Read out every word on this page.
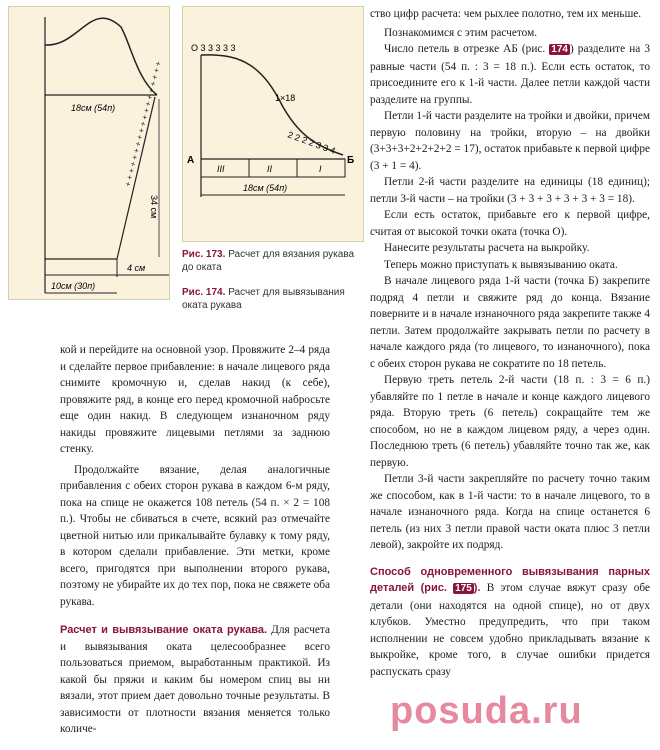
18см (54п) + + + + + + + + + + + + + + + + + + +
34 см
4 см
10см (30п)
О 3 3 3 3 3
1×18
2 2 2 2 3 3 4
А	Б
III	II	I
18см (54п)
Рис. 173. Расчет для вязания рукава до оката
Рис. 174. Расчет для вывязывания оката рукава

кой и перейдите на основной узор. Провяжите 2–4 ряда и сделайте первое прибавление: в начале лицевого ряда снимите кромочную и, сделав накид (к себе), провяжите ряд, в конце его перед кромочной набросьте еще один накид. В следующем изнаночном ряду накиды провяжите лицевыми петлями за заднюю стенку.

Продолжайте вязание, делая аналогичные прибавления с обеих сторон рукава в каждом 6-м ряду, пока на спице не окажется 108 петель (54 п. × 2 = 108 п.). Чтобы не сбиваться в счете, всякий раз отмечайте цветной нитью или прикалывайте булавку к тому ряду, в котором сделали прибавление. Эти метки, кроме всего, пригодятся при выполнении второго рукава, поэтому не убирайте их до тех пор, пока не свяжете оба рукава.

Расчет и вывязывание оката рукава. Для расчета и вывязывания оката целесообразнее всего пользоваться приемом, выработанным практикой. Из какой бы пряжи и каким бы номером спиц вы ни вязали, этот прием дает довольно точные результаты. В зависимости от плотности вязания меняется только количе-

ство цифр расчета: чем рыхлее полотно, тем их меньше.

Познакомимся с этим расчетом.

Число петель в отрезке АБ (рис. 174 ) разделите на 3 равные части (54 п. : 3 = 18 п.). Если есть остаток, то присоедините его к 1-й части. Далее петли каждой части разделите на группы.

Петли 1-й части разделите на тройки и двойки, причем первую половину на тройки, вторую – на двойки (3+3+3+2+2+2+2 = 17), остаток прибавьте к первой цифре (3 + 1 = 4).

Петли 2-й части разделите на единицы (18 единиц); петли 3-й части – на тройки (3 + 3 + 3 + 3 + 3 + 3 = 18).

Если есть остаток, прибавьте его к первой цифре, считая от высокой точки оката (точка О).

Нанесите результаты расчета на выкройку.

Теперь можно приступать к вывязыванию оката.

В начале лицевого ряда 1-й части (точка Б) закрепите подряд 4 петли и свяжите ряд до конца. Вязание поверните и в начале изнаночного ряда закрепите также 4 петли. Затем продолжайте закрывать петли по расчету в начале каждого ряда (то лицевого, то изнаночного), пока с обеих сторон рукава не сократите по 18 петель.

Первую треть петель 2-й части (18 п. : 3 = 6 п.) убавляйте по 1 петле в начале и конце каждого лицевого ряда. Вторую треть (6 петель) сокращайте тем же способом, но не в каждом лицевом ряду, а через один. Последнюю треть (6 петель) убавляйте точно так же, как первую.

Петли 3-й части закрепляйте по расчету точно таким же способом, как в 1-й части: то в начале лицевого, то в начале изнаночного ряда. Когда на спице останется 6 петель (из них 3 петли правой части оката плюс 3 петли левой), закройте их подряд.

Способ одновременного вывязывания парных деталей (рис. 175 ). В этом случае вяжут сразу обе детали (они находятся на одной спице), но от двух клубков. Уместно предупредить, что при таком исполнении не совсем удобно прикладывать вязание к выкройке, кроме того, в случае ошибки придется распускать сразу

posuda.ru
